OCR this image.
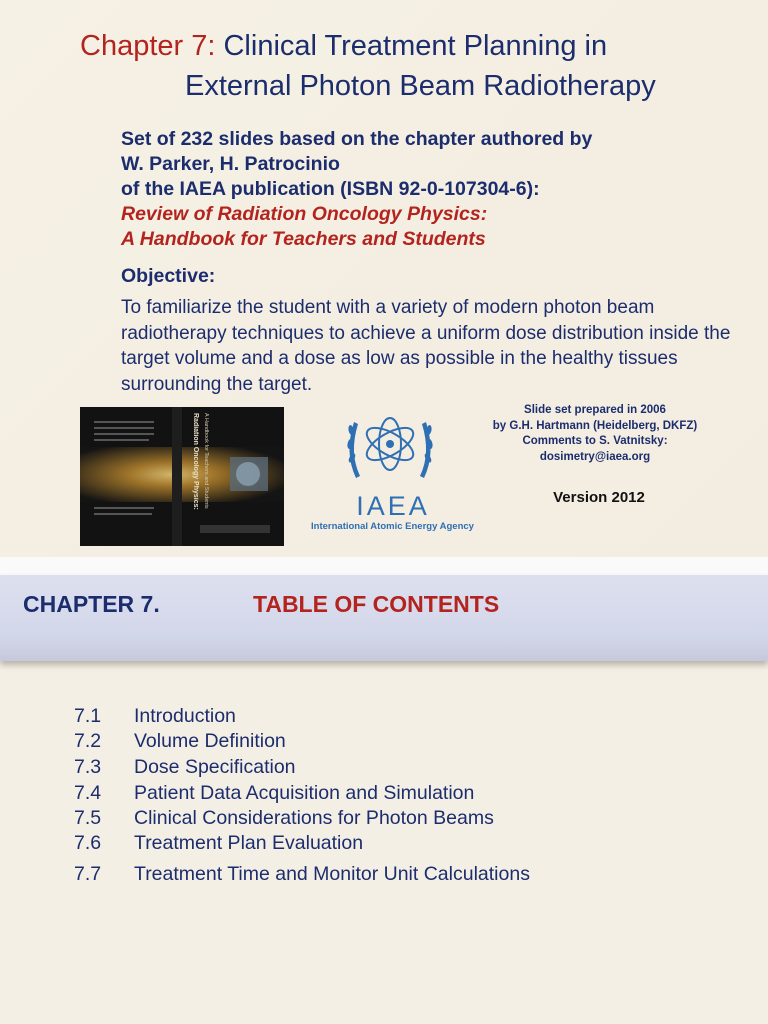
Chapter 7: Clinical Treatment Planning in
External Photon Beam Radiotherapy
Set of 232 slides based on the chapter authored by
W. Parker, H. Patrocinio
of the IAEA publication (ISBN 92-0-107304-6):
Review of Radiation Oncology Physics:
A Handbook for Teachers and Students
Objective:
To familiarize the student with a variety of modern photon beam radiotherapy techniques to achieve a uniform dose distribution inside the target volume and a dose as low as possible in the healthy tissues surrounding the target.
Radiation Oncology Physics: A Handbook for Teachers and Students	IAEA
International Atomic Energy Agency
Slide set prepared in 2006
by G.H. Hartmann (Heidelberg, DKFZ)
Comments to S. Vatnitsky:
dosimetry@iaea.org
Version 2012
CHAPTER 7.	TABLE OF CONTENTS
7.1 Introduction
7.2 Volume Definition
7.3 Dose Specification
7.4 Patient Data Acquisition and Simulation
7.5 Clinical Considerations for Photon Beams
7.6 Treatment Plan Evaluation
7.7 Treatment Time and Monitor Unit Calculations
